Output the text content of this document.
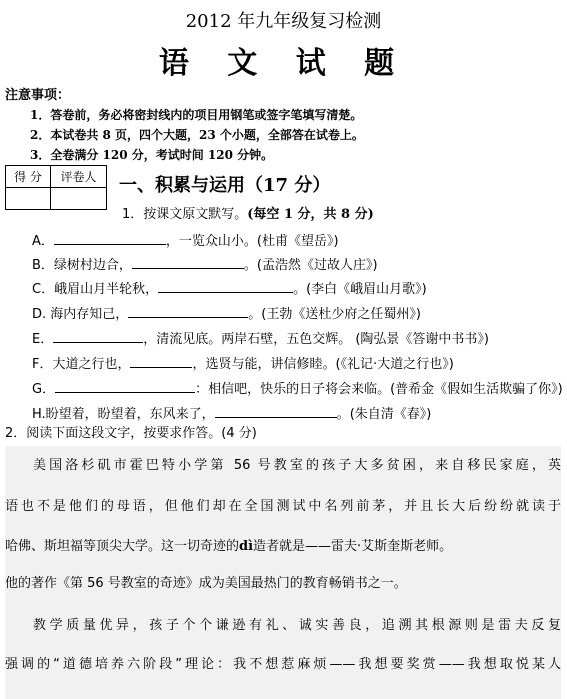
2012 年九年级复习检测
语 文 试 题
注意事项：
1．答卷前，务必将密封线内的项目用钢笔或签字笔填写清楚。
2．本试卷共 8 页，四个大题，23 个小题，全部答在试卷上。
3．全卷满分 120 分，考试时间 120 分钟。
得 分	评卷人
	一、积累与运用（17 分）
1．按课文原文默写。(每空 1 分，共 8 分)
A．	，一览众山小。(杜甫《望岳》)
B．绿树村边合，	。(孟浩然《过故人庄》)
C．峨眉山月半轮秋，	。(李白《峨眉山月歌》)
D. 海内存知己，	。(王勃《送杜少府之任蜀州》)
E．	，清流见底。两岸石壁，五色交辉。 (陶弘景《答谢中书书》)
F．大道之行也，	，选贤与能，讲信修睦。(《礼记·大道之行也》)
G．	：相信吧，快乐的日子将会来临。(普希金《假如生活欺骗了你》)
H.盼望着，盼望着，东风来了，	。(朱自清《春》)
2．阅读下面这段文字，按要求作答。(4 分)
美国洛杉矶市霍巴特小学第 56 号教室的孩子大多贫困，来自移民家庭，英
语也不是他们的母语，但他们却在全国测试中名列前茅，并且长大后纷纷就读于
哈佛、斯坦福等顶尖大学。这一切奇迹的dì造者就是——雷夫·艾斯奎斯老师。
他的著作《第 56 号教室的奇迹》成为美国最热门的教育畅销书之一。
教学质量优异，孩子个个谦逊有礼、诚实善良，追溯其根源则是雷夫反复
强调的“道德培养六阶段”理论：我不想惹麻烦——我想要奖赏——我想取悦某人
